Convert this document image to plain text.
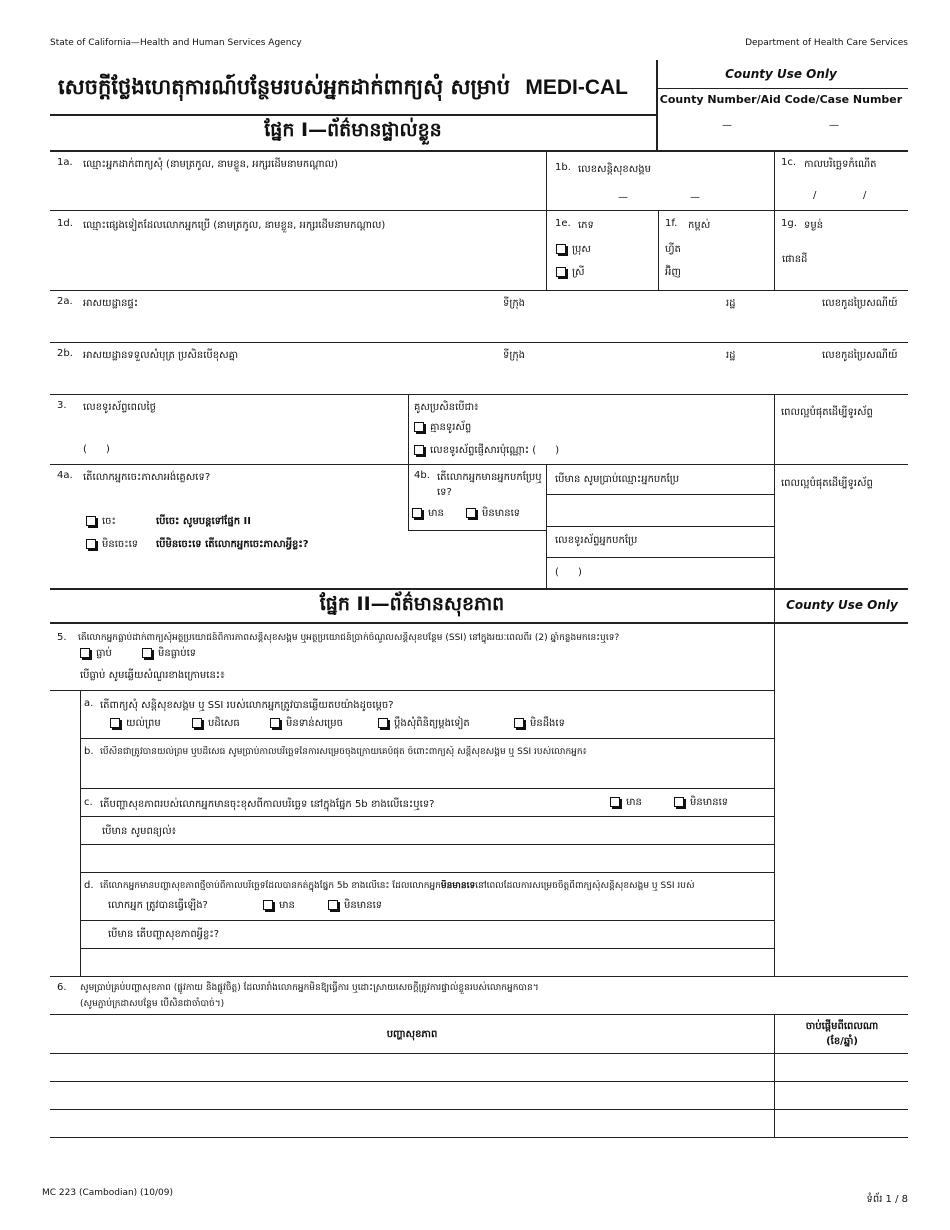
State of California—Health and Human Services Agency	Department of Health Care Services
សេចក្តីថ្លែងហេតុការណ៍បន្ថែមរបស់អ្នកដាក់ពាក្យសុំ សម្រាប់ MEDI-CAL
County Use Only
County Number/Aid Code/Case Number
—	—
ផ្នែក I—ព័ត៌មានផ្ទាល់ខ្លួន
1a. ឈ្មោះអ្នកដាក់ពាក្យសុំ (នាមត្រកូល, នាមខ្លួន, អក្សរដើមនាមកណ្តាល)	1b. លេខសន្តិសុខសង្គម
—	—
1c. កាលបរិច្ឆេទកំណើត
/	/
1d. ឈ្មោះផ្សេងទៀតដែលលោកអ្នកប្រើ (នាមត្រកូល, នាមខ្លួន, អក្សរដើមនាមកណ្តាល)	1e. ភេទ
ប្រុស
ស្រី
1f. កម្ពស់
ហ្វីត
អ៊ិញ
1g. ទម្ងន់
ផោនដី
2a. អាសយដ្ឋានផ្ទះ	ទីក្រុង	រដ្ឋ	លេខកូដប្រៃសណីយ៍
2b. អាសយដ្ឋានទទួលសំបុត្រ ប្រសិនបើខុសគ្នា	ទីក្រុង	រដ្ឋ	លេខកូដប្រៃសណីយ៍
3. លេខទូរស័ព្ទពេលថ្ងៃ
(      )
គូសប្រសិនបើជា៖
គ្មានទូរស័ព្ទ
លេខទូរស័ព្ទផ្ញើសារប៉ុណ្ណោះ (      )
ពេលល្អបំផុតដើម្បីទូរស័ព្ទ
4a. តើលោកអ្នកចេះភាសាអង់គ្លេសទេ?
ចេះ	បើចេះ សូមបន្តទៅផ្នែក II
មិនចេះទេ បើមិនចេះទេ តើលោកអ្នកចេះភាសាអ្វីខ្លះ?
4b. តើលោកអ្នកមានអ្នកបកប្រែឬទេ?
មាន	មិនមានទេ
បើមាន សូមប្រាប់ឈ្មោះអ្នកបកប្រែ
លេខទូរស័ព្ទអ្នកបកប្រែ
(      )
ពេលល្អបំផុតដើម្បីទូរស័ព្ទ
ផ្នែក II—ព័ត៌មានសុខភាព	County Use Only
5. តើលោកអ្នកធ្លាប់ដាក់ពាក្យសុំអត្ថប្រយោជន៍ពិការភាពសន្តិសុខសង្គម ឬអត្ថប្រយោជន៍ប្រាក់ចំណូលសន្តិសុខបន្ថែម (SSI) នៅក្នុងរយៈពេលពីរ (2) ឆ្នាំកន្លងមកនេះឬទេ?
ធ្លាប់	មិនធ្លាប់ទេ
បើធ្លាប់ សូមឆ្លើយសំណួរខាងក្រោមនេះ៖
a. តើពាក្យសុំ សន្តិសុខសង្គម ឬ SSI របស់លោកអ្នកត្រូវបានឆ្លើយតបយ៉ាងដូចម្តេច?
យល់ព្រម	បដិសេធ	មិនទាន់សម្រេច	ប្តឹងសុំពិនិត្យម្តងទៀត	មិនដឹងទេ
b. បើសិនជាត្រូវបានយល់ព្រម ឬបដិសេធ សូមប្រាប់កាលបរិច្ឆេទនៃការសម្រេចចុងក្រោយគេបំផុត ចំពោះពាក្យសុំ សន្តិសុខសង្គម ឬ SSI របស់លោកអ្នក៖
c. តើបញ្ហាសុខភាពរបស់លោកអ្នកមានចុះខុសពីកាលបរិច្ឆេទ នៅក្នុងផ្នែក 5b ខាងលើនេះឬទេ?	មាន	មិនមានទេ
បើមាន សូមពន្យល់៖
d. តើលោកអ្នកមានបញ្ហាសុខភាពថ្មីចាប់ពីកាលបរិច្ឆេទដែលបានកត់ក្នុងផ្នែក 5b ខាងលើនេះ ដែលលោកអ្នកមិនមានទេនៅពេលដែលការសម្រេចចិត្តពីពាក្យសុំសន្តិសុខសង្គម ឬ SSI របស់
លោកអ្នក ត្រូវបានធ្វើឡើង?	មាន	មិនមានទេ
បើមាន តើបញ្ហាសុខភាពអ្វីខ្លះ?
6. សូមប្រាប់គ្រប់បញ្ហាសុខភាព (ផ្លូវកាយ និងផ្លូវចិត្ត) ដែលរារាំងលោកអ្នកមិនឱ្យធ្វើការ ឬដោះស្រាយសេចក្តីត្រូវការផ្ទាល់ខ្លួនរបស់លោកអ្នកបាន។
(សូមភ្ជាប់ក្រដាសបន្ថែម បើសិនជាចាំបាច់។)
បញ្ហាសុខភាព
ចាប់ផ្តើមពីពេលណា
(ខែ/ឆ្នាំ)
MC 223 (Cambodian) (10/09)
ទំព័រ 1 / 8
